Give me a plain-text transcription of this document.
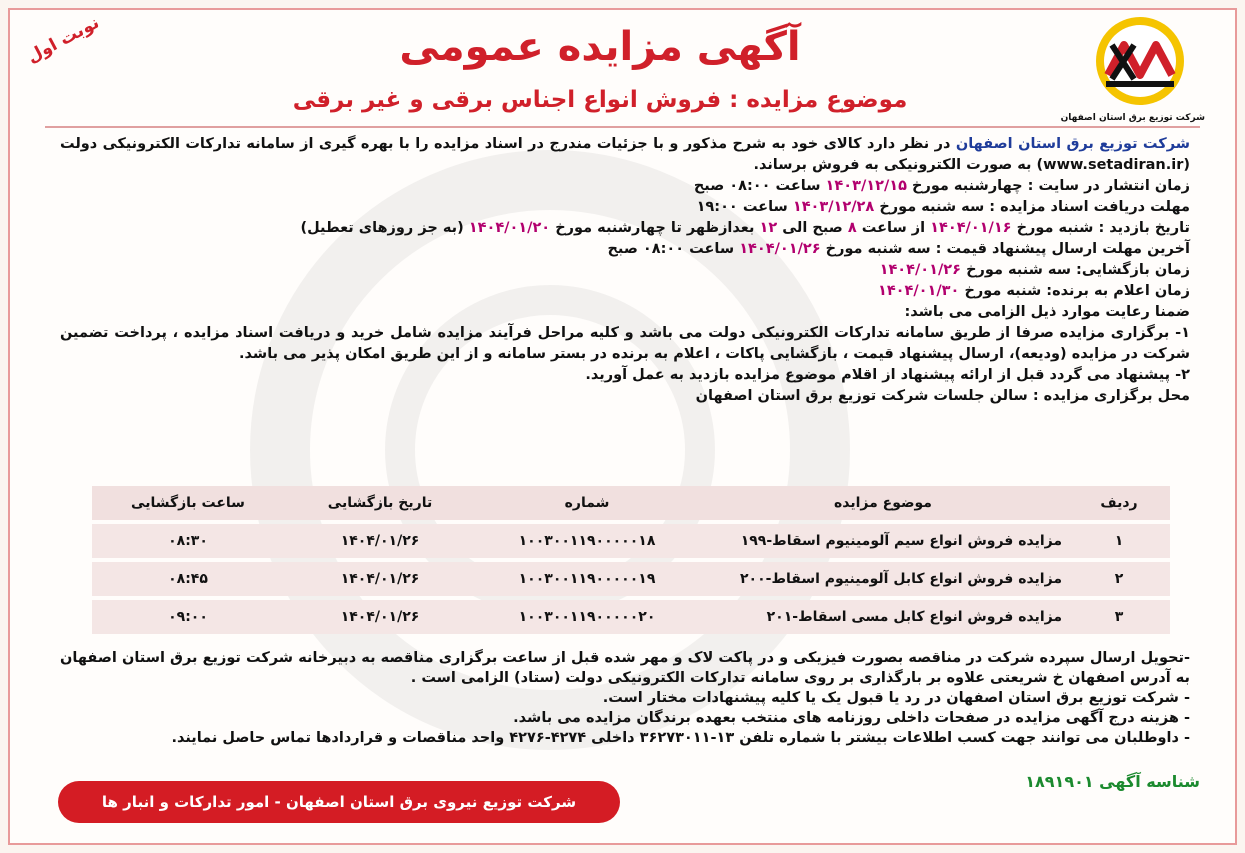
نوبت اول
شرکت توزیع برق استان اصفهان
آگهی مزایده عمومی
موضوع مزایده : فروش انواع اجناس برقی و غیر برقی

شرکت توزیع برق استان اصفهان در نظر دارد کالای خود به شرح مذکور و با جزئیات مندرج در اسناد مزایده را با بهره گیری از سامانه تدارکات الکترونیکی دولت (www.setadiran.ir) به صورت الکترونیکی به فروش برساند.

زمان انتشار در سایت : چهارشنبه مورخ ۱۴۰۳/۱۲/۱۵ ساعت ۰۸:۰۰ صبح

مهلت دریافت اسناد مزایده : سه شنبه مورخ ۱۴۰۳/۱۲/۲۸ ساعت ۱۹:۰۰

تاریخ بازدید : شنبه مورخ ۱۴۰۴/۰۱/۱۶ از ساعت ۸ صبح الی ۱۲ بعدازظهر تا چهارشنبه مورخ ۱۴۰۴/۰۱/۲۰ (به جز روزهای تعطیل)

آخرین مهلت ارسال پیشنهاد قیمت : سه شنبه مورخ ۱۴۰۴/۰۱/۲۶ ساعت ۰۸:۰۰ صبح

زمان بازگشایی: سه شنبه مورخ ۱۴۰۴/۰۱/۲۶

زمان اعلام به برنده: شنبه مورخ ۱۴۰۴/۰۱/۳۰

ضمنا رعایت موارد ذیل الزامی می باشد:

۱- برگزاری مزایده صرفا از طریق سامانه تدارکات الکترونیکی دولت می باشد و کلیه مراحل فرآیند مزایده شامل خرید و دریافت اسناد مزایده ، پرداخت تضمین شرکت در مزایده (ودیعه)، ارسال پیشنهاد قیمت ، بازگشایی پاکات ، اعلام به برنده در بستر سامانه و از این طریق امکان پذیر می باشد.

۲- پیشنهاد می گردد قبل از ارائه پیشنهاد از اقلام موضوع مزایده بازدید به عمل آورید.

محل برگزاری مزایده : سالن جلسات شرکت توزیع برق استان اصفهان

ردیف	موضوع مزایده	شماره	تاریخ بازگشایی	ساعت بازگشایی
۱	مزایده فروش انواع سیم آلومینیوم اسقاط-۱۹۹	۱۰۰۳۰۰۱۱۹۰۰۰۰۰۱۸	۱۴۰۴/۰۱/۲۶	۰۸:۳۰
۲	مزایده فروش انواع کابل آلومینیوم اسقاط-۲۰۰	۱۰۰۳۰۰۱۱۹۰۰۰۰۰۱۹	۱۴۰۴/۰۱/۲۶	۰۸:۴۵
۳	مزایده فروش انواع کابل مسی اسقاط-۲۰۱	۱۰۰۳۰۰۱۱۹۰۰۰۰۰۲۰	۱۴۰۴/۰۱/۲۶	۰۹:۰۰

-تحویل ارسال سپرده شرکت در مناقصه بصورت فیزیکی و در پاکت لاک و مهر شده قبل از ساعت برگزاری مناقصه به دبیرخانه شرکت توزیع برق استان اصفهان به آدرس اصفهان خ شریعتی علاوه بر بارگذاری بر روی سامانه تدارکات الکترونیکی دولت (ستاد) الزامی است .

- شرکت توزیع برق استان اصفهان در رد یا قبول یک یا کلیه پیشنهادات مختار است.

- هزینه درج آگهی مزایده در صفحات داخلی روزنامه های منتخب بعهده برندگان مزایده می باشد.

- داوطلبان می توانند جهت کسب اطلاعات بیشتر با شماره تلفن ۱۳-۳۶۲۷۳۰۱۱ داخلی ۴۲۷۴-۴۲۷۶ واحد مناقصات و قراردادها تماس حاصل نمایند.

شناسه آگهی ۱۸۹۱۹۰۱
شرکت توزیع نیروی برق استان اصفهان - امور تدارکات و انبار ها
